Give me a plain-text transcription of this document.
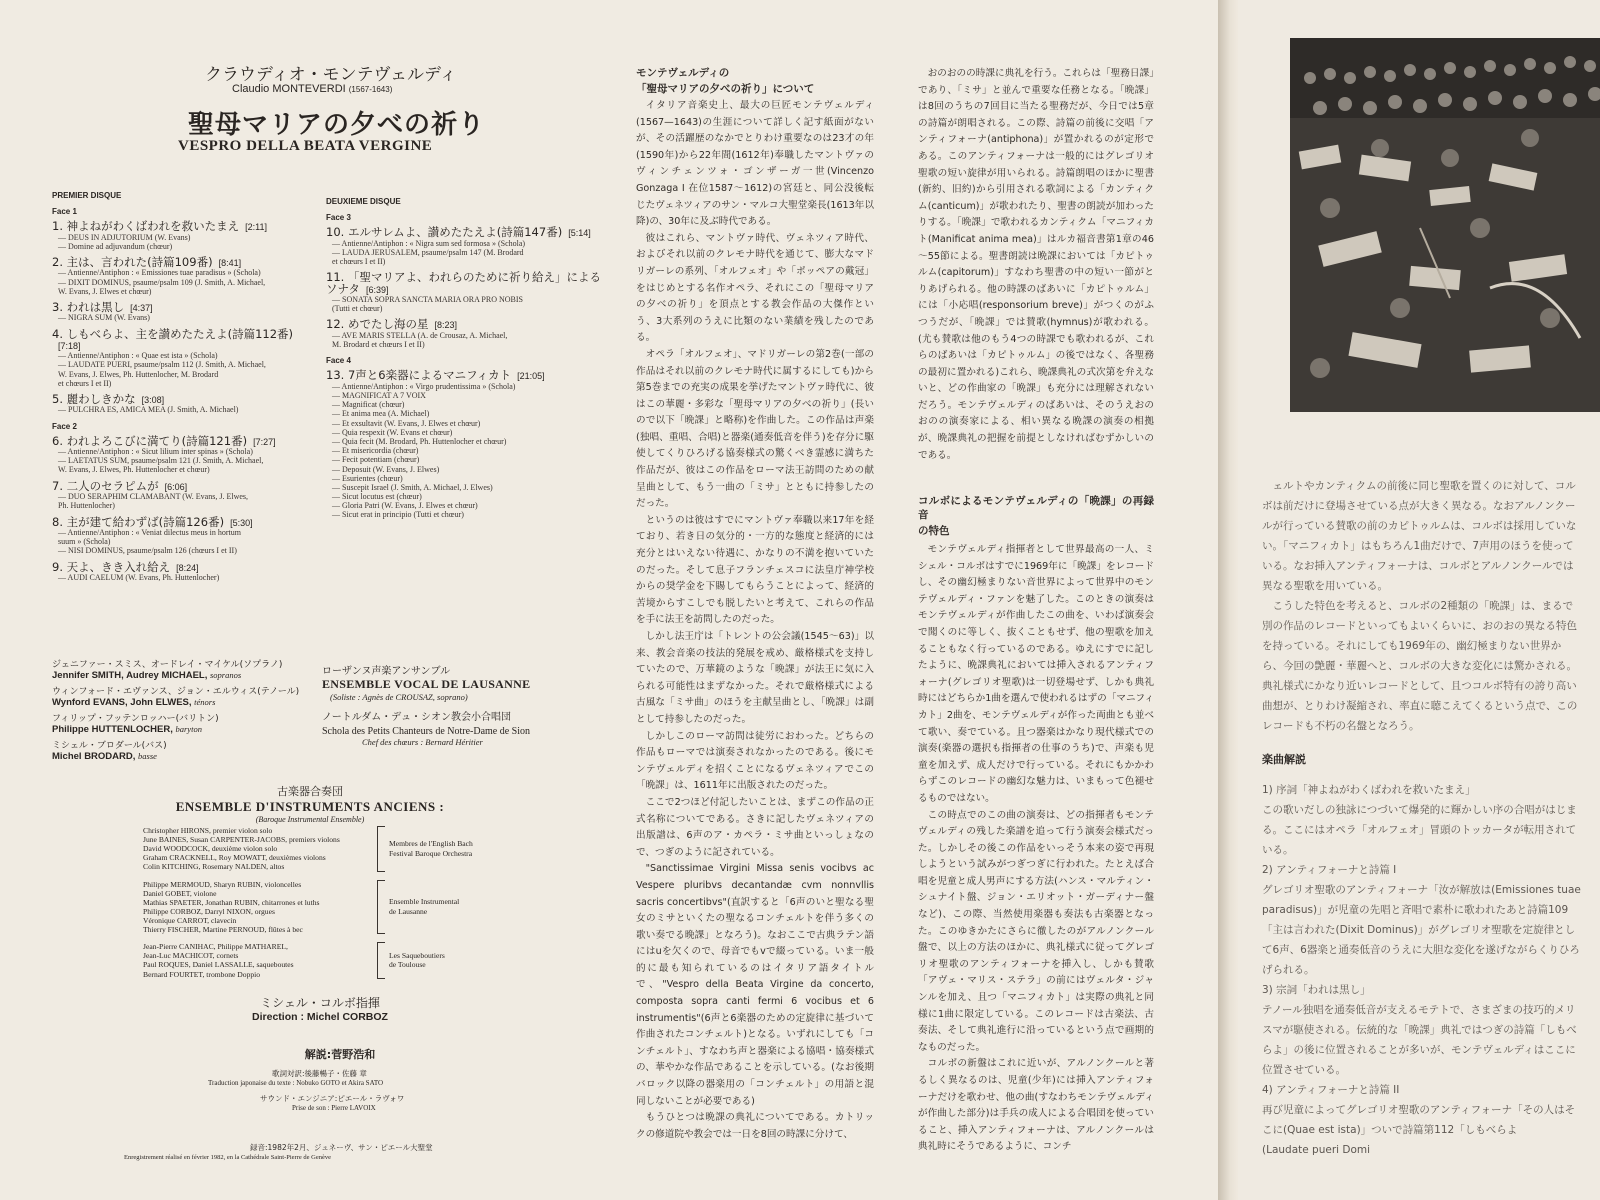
クラウディオ・モンテヴェルディ
Claudio MONTEVERDI (1567-1643)
聖母マリアの夕べの祈り
VESPRO DELLA BEATA VERGINE
PREMIER DISQUE
Face 1
1. 神よねがわくばわれを救いたまえ [2:11]
— DEUS IN ADJUTORIUM (W. Evans)
— Domine ad adjuvandum (chœur)
2. 主は、言われた(詩篇109番) [8:41]
— Antienne/Antiphon : « Emissiones tuae paradisus » (Schola)
— DIXIT DOMINUS, psaume/psalm 109 (J. Smith, A. Michael,
W. Evans, J. Elwes et chœur)
3. われは黒し [4:37]
— NIGRA SUM (W. Evans)
4. しもべらよ、主を讃めたたえよ(詩篇112番)[7:18]
— Antienne/Antiphon : « Quae est ista » (Schola)
— LAUDATE PUERI, psaume/psalm 112 (J. Smith, A. Michael,
W. Evans, J. Elwes, Ph. Huttenlocher, M. Brodard
et chœurs I et II)
5. 麗わしきかな [3:08]
— PULCHRA ES, AMICA MEA (J. Smith, A. Michael)
Face 2
6. われよろこびに満てり(詩篇121番) [7:27]
— Antienne/Antiphon : « Sicut lilium inter spinas » (Schola)
— LAETATUS SUM, psaume/psalm 121 (J. Smith, A. Michael,
W. Evans, J. Elwes, Ph. Huttenlocher et chœur)
7. 二人のセラピムが [6:06]
— DUO SERAPHIM CLAMABANT (W. Evans, J. Elwes,
Ph. Huttenlocher)
8. 主が建て給わずば(詩篇126番) [5:30]
— Antienne/Antiphon : « Veniat dilectus meus in hortum
suum » (Schola)
— NISI DOMINUS, psaume/psalm 126 (chœurs I et II)
9. 天よ、きき入れ給え [8:24]
— AUDI CAELUM (W. Evans, Ph. Huttenlocher)
DEUXIEME DISQUE
Face 3
10. エルサレムよ、讃めたたえよ(詩篇147番) [5:14]
— Antienne/Antiphon : « Nigra sum sed formosa » (Schola)
— LAUDA JERUSALEM, psaume/psalm 147 (M. Brodard
et chœurs I et II)
11. 「聖マリアよ、われらのために祈り給え」によるソナタ [6:39]
— SONATA SOPRA SANCTA MARIA ORA PRO NOBIS
(Tutti et chœur)
12. めでたし海の星 [8:23]
— AVE MARIS STELLA (A. de Crousaz, A. Michael,
M. Brodard et chœurs I et II)
Face 4
13. 7声と6楽器によるマニフィカト [21:05]
— Antienne/Antiphon : « Virgo prudentissima » (Schola)
— MAGNIFICAT A 7 VOIX
— Magnificat (chœur)
— Et anima mea (A. Michael)
— Et exsultavit (W. Evans, J. Elwes et chœur)
— Quia respexit (W. Evans et chœur)
— Quia fecit (M. Brodard, Ph. Huttenlocher et chœur)
— Et misericordia (chœur)
— Fecit potentiam (chœur)
— Deposuit (W. Evans, J. Elwes)
— Esurientes (chœur)
— Suscepit Israel (J. Smith, A. Michael, J. Elwes)
— Sicut locutus est (chœur)
— Gloria Patri (W. Evans, J. Elwes et chœur)
— Sicut erat in principio (Tutti et chœur)
ジェニファー・スミス、オードレイ・マイケル(ソプラノ)
Jennifer SMITH, Audrey MICHAEL, sopranos
ウィンフォード・エヴァンス、ジョン・エルウィス(テノール)
Wynford EVANS, John ELWES, ténors
フィリップ・フッテンロッハー(バリトン)
Philippe HUTTENLOCHER, baryton
ミシェル・ブロダール(バス)
Michel BRODARD, basse
ローザンヌ声楽アンサンブル
ENSEMBLE VOCAL DE LAUSANNE
(Soliste : Agnès de CROUSAZ, soprano)
ノートルダム・デュ・シオン教会小合唱団
Schola des Petits Chanteurs de Notre-Dame de Sion
Chef des chœurs : Bernard Héritier
古楽器合奏団
ENSEMBLE D'INSTRUMENTS ANCIENS :
(Baroque Instrumental Ensemble)
Christopher HIRONS, premier violon solo
June BAINES, Susan CARPENTER-JACOBS, premiers violons
David WOODCOCK, deuxième violon solo
Graham CRACKNELL, Roy MOWATT, deuxièmes violons
Colin KITCHING, Rosemary NALDEN, altos
Membres de l'English Bach
Festival Baroque Orchestra
Philippe MERMOUD, Sharyn RUBIN, violoncelles
Daniel GOBET, violone
Mathias SPAETER, Jonathan RUBIN, chitarrones et luths
Philippe CORBOZ, Darryl NIXON, orgues
Véronique CARROT, clavecin
Thierry FISCHER, Martine PERNOUD, flûtes à bec
Ensemble Instrumental
de Lausanne
Jean-Pierre CANIHAC, Philippe MATHAREL,
Jean-Luc MACHICOT, cornets
Paul ROQUES, Daniel LASSALLE, saqueboutes
Bernard FOURTET, trombone Doppio
Les Saqueboutiers
de Toulouse
ミシェル・コルボ指揮
Direction : Michel CORBOZ
解説:菅野浩和
歌詞対訳:後藤暢子・佐藤 章
Traduction japonaise du texte : Nobuko GOTO et Akira SATO
サウンド・エンジニア:ピエール・ラヴォワ
Prise de son : Pierre LAVOIX
録音:1982年2月、ジュネーヴ、サン・ピエール大聖堂
Enregistrement réalisé en février 1982, en la Cathédrale Saint-Pierre de Genève
モンテヴェルディの
「聖母マリアの夕べの祈り」について

イタリア音楽史上、最大の巨匠モンテヴェルディ(1567—1643)の生涯について詳しく記す紙面がないが、その活躍歴のなかでとりわけ重要なのは23才の年(1590年)から22年間(1612年)奉職したマントヴァのヴィンチェンツォ・ゴンザーガ一世(Vincenzo Gonzaga I 在位1587～1612)の宮廷と、同公没後転じたヴェネツィアのサン・マルコ大聖堂楽長(1613年以降)の、30年に及ぶ時代である。

彼はこれら、マントヴァ時代、ヴェネツィア時代、およびそれ以前のクレモナ時代を通じて、膨大なマドリガーレの系列、「オルフェオ」や「ポッペアの戴冠」をはじめとする名作オペラ、それにこの「聖母マリアの夕べの祈り」を頂点とする教会作品の大傑作という、3大系列のうえに比類のない業績を残したのである。

オペラ「オルフェオ」、マドリガーレの第2巻(一部の作品はそれ以前のクレモナ時代に属するにしても)から第5巻までの充実の成果を挙げたマントヴァ時代に、彼はこの華麗・多彩な「聖母マリアの夕べの祈り」(長いので以下「晩課」と略称)を作曲した。この作品は声楽(独唱、重唱、合唱)と器楽(通奏低音を伴う)を存分に駆使してくりひろげる協奏様式の驚くべき霊感に満ちた作品だが、彼はこの作品をローマ法王訪問のための献呈曲として、もう一曲の「ミサ」とともに持参したのだった。

というのは彼はすでにマントヴァ奉職以来17年を経ており、若き日の気分的・一方的な態度と経済的には充分とはいえない待遇に、かなりの不満を抱いていたのだった。そして息子フランチェスコに法皇庁神学校からの奨学金を下賜してもらうことによって、経済的苦境からすこしでも脱したいと考えて、これらの作品を手に法王を訪問したのだった。

しかし法王庁は「トレントの公会議(1545～63)」以来、教会音楽の技法的発展を戒め、厳格様式を支持していたので、万華鏡のような「晩課」が法王に気に入られる可能性はまずなかった。それで厳格様式による古風な「ミサ曲」のほうを主献呈曲とし、「晩課」は副として持参したのだった。

しかしこのローマ訪問は徒労におわった。どちらの作品もローマでは演奏されなかったのである。後にモンテヴェルディを招くことになるヴェネツィアでこの「晩課」は、1611年に出版されたのだった。

ここで2つほど付記したいことは、まずこの作品の正式名称についてである。さきに記したヴェネツィアの出版譜は、6声のア・カペラ・ミサ曲といっしょなので、つぎのように記されている。

"Sanctissimae Virgini Missa senis vocibvs ac Vespere pluribvs decantandæ cvm nonnvllis sacris concertibvs"(直訳すると「6声のいと聖なる聖女のミサといくたの聖なるコンチェルトを伴う多くの歌い奏でる晩課」となろう)。なおここで古典ラテン語にはuを欠くので、母音でもvで綴っている。いま一般的に最も知られているのはイタリア語タイトルで、"Vespro della Beata Virgine da concerto, composta sopra canti fermi 6 vocibus et 6 instrumentis"(6声と6楽器のための定旋律に基づいて作曲されたコンチェルト)となる。いずれにしても「コンチェルト」、すなわち声と器楽による協唱・協奏様式の、華やかな作品であることを示している。(なお後期バロック以降の器楽用の「コンチェルト」の用語と混同しないことが必要である)

もうひとつは晩課の典礼についてである。カトリックの修道院や教会では一日を8回の時課に分けて、

おのおのの時課に典礼を行う。これらは「聖務日課」であり、「ミサ」と並んで重要な任務となる。「晩課」は8回のうちの7回目に当たる聖務だが、今日では5章の詩篇が朗唱される。この際、詩篇の前後に交唱「アンティフォーナ(antiphona)」が置かれるのが定形である。このアンティフォーナは一般的にはグレゴリオ聖歌の短い旋律が用いられる。詩篇朗唱のほかに聖書(新約、旧約)から引用される歌詞による「カンティクム(canticum)」が歌われたり、聖書の朗読が加わったりする。「晩課」で歌われるカンティクム「マニフィカト(Manificat anima mea)」はルカ福音書第1章の46～55節による。聖書朗読は晩課においては「カピトゥルム(capitorum)」すなわち聖書の中の短い一節がとりあげられる。他の時課のばあいに「カピトゥルム」には「小応唱(responsorium breve)」がつくのがふつうだが、「晩課」では賛歌(hymnus)が歌われる。(尤も賛歌は他のもう4つの時課でも歌われるが、これらのばあいは「カピトゥルム」の後ではなく、各聖務の最初に置かれる)これら、晩課典礼の式次第を弁えないと、どの作曲家の「晩課」も充分には理解されないだろう。モンテヴェルディのばあいは、そのうえおのおのの演奏家による、相い異なる晩課の演奏の相拠が、晩課典礼の把握を前提としなければむずかしいのである。

コルボによるモンテヴェルディの「晩課」の再録音
の特色

モンテヴェルディ指揮者として世界最高の一人、ミシェル・コルボはすでに1969年に「晩課」をレコードし、その幽幻極まりない音世界によって世界中のモンテヴェルディ・ファンを魅了した。このときの演奏はモンテヴェルディが作曲したこの曲を、いわば演奏会で聞くのに等しく、抜くこともせず、他の聖歌を加えることもなく行っているのである。ゆえにすでに記したように、晩課典礼においては挿入されるアンティフォーナ(グレゴリオ聖歌)は一切登場せず、しかも典礼時にはどちらか1曲を選んで使われるはずの「マニフィカト」2曲を、モンテヴェルディが作った両曲とも並べて歌い、奏でている。且つ器楽はかなり現代様式での演奏(楽器の選択も指揮者の仕事のうち)で、声楽も児童を加えず、成人だけで行っている。それにもかかわらずこのレコードの幽幻な魅力は、いまもって色褪せるものではない。

この時点でのこの曲の演奏は、どの指揮者もモンテヴェルディの残した楽譜を追って行う演奏会様式だった。しかしその後この作品をいっそう本来の姿で再現しようという試みがつぎつぎに行われた。たとえば合唱を児童と成人男声にする方法(ハンス・マルティン・シュナイト盤、ジョン・エリオット・ガーディナー盤など)、この際、当然使用楽器も奏法も古楽器となった。このゆきかたにさらに徹したのがアルノンクール盤で、以上の方法のほかに、典礼様式に従ってグレゴリオ聖歌のアンティフォーナを挿入し、しかも賛歌「アヴェ・マリス・ステラ」の前にはヴェルタ・ジャンルを加え、且つ「マニフィカト」は実際の典礼と同様に1曲に限定している。このレコードは古楽法、古奏法、そして典礼進行に沿っているという点で画期的なものだった。

コルボの新盤はこれに近いが、アルノンクールと著るしく異なるのは、児童(少年)には挿入アンティフォーナだけを歌わせ、他の曲(すなわちモンテヴェルディが作曲した部分)は手兵の成人による合唱団を使っていること、挿入アンティフォーナは、アルノンクールは典礼時にそうであるように、コンチ

ェルトやカンティクムの前後に同じ聖歌を置くのに対して、コルボは前だけに登場させている点が大きく異なる。なおアルノンクールが行っている賛歌の前のカピトゥルムは、コルボは採用していない。「マニフィカト」はもちろん1曲だけで、7声用のほうを使っている。なお挿入アンティフォーナは、コルボとアルノンクールでは異なる聖歌を用いている。

こうした特色を考えると、コルボの2種類の「晩課」は、まるで別の作品のレコードといってもよいくらいに、おのおの異なる特色を持っている。それにしても1969年の、幽幻極まりない世界から、今回の艶麗・華麗へと、コルボの大きな変化には驚かされる。典礼様式にかなり近いレコードとして、且つコルボ特有の誇り高い曲想が、とりわけ凝縮され、率直に聴こえてくるという点で、このレコードも不朽の名盤となろう。

楽曲解説
1) 序詞「神よねがわくばわれを救いたまえ」
この歌いだしの独詠につづいて爆発的に輝かしい序の合唱がはじまる。ここにはオペラ「オルフェオ」冒頭のトッカータが転用されている。
2) アンティフォーナと詩篇 I
グレゴリオ聖歌のアンティフォーナ「汝が解放は(Emissiones tuae paradisus)」が児童の先唱と斉唱で素朴に歌われたあと詩篇109「主は言われた(Dixit Dominus)」がグレゴリオ聖歌を定旋律として6声、6器楽と通奏低音のうえに大胆な変化を遂げながらくりひろげられる。
3) 宗詞「われは黒し」
テノール独唱を通奏低音が支えるモテトで、さまざまの技巧的メリスマが駆使される。伝統的な「晩課」典礼ではつぎの詩篇「しもべらよ」の後に位置されることが多いが、モンテヴェルディはここに位置させている。
4) アンティフォーナと詩篇 II
再び児童によってグレゴリオ聖歌のアンティフォーナ「その人はそこに(Quae est ista)」ついで詩篇第112「しもべらよ
(Laudate pueri Domi
